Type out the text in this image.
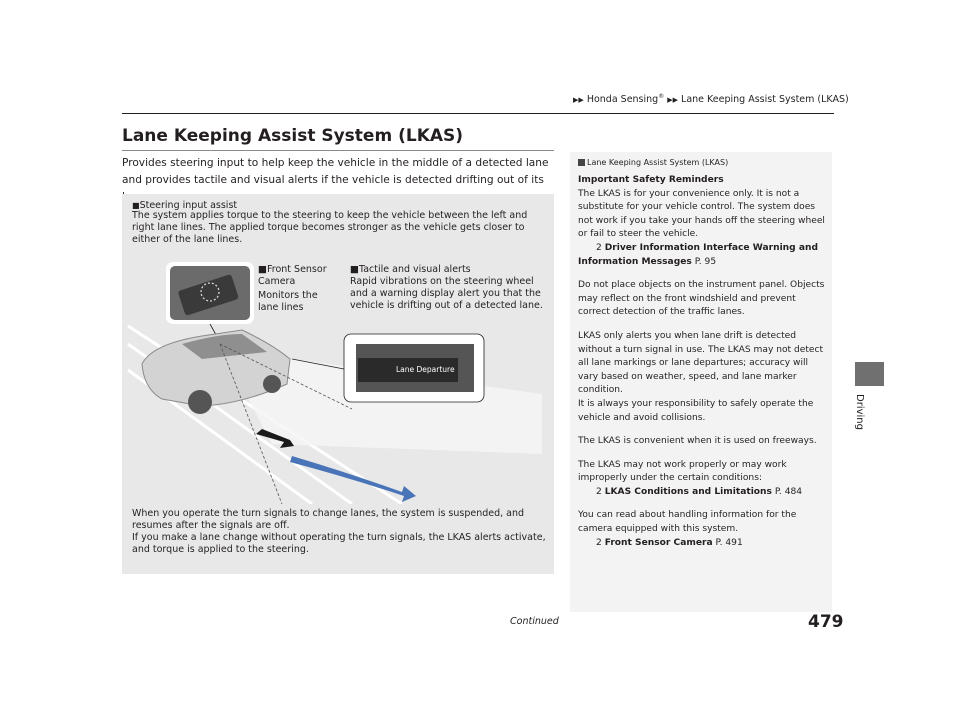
▶▶ Honda Sensing® ▶▶ Lane Keeping Assist System (LKAS)
Lane Keeping Assist System (LKAS)

Provides steering input to help keep the vehicle in the middle of a detected lane and provides tactile and visual alerts if the vehicle is detected drifting out of its

■Steering input assist
The system applies torque to the steering to keep the vehicle between the left and right lane lines. The applied torque becomes stronger as the vehicle gets closer to either of the lane lines.
Lane Departure
■Front Sensor Camera
Monitors the lane lines
■Tactile and visual alerts
Rapid vibrations on the steering wheel and a warning display alert you that the vehicle is drifting out of a detected lane.
When you operate the turn signals to change lanes, the system is suspended, and resumes after the signals are off.
If you make a lane change without operating the turn signals, the LKAS alerts activate, and torque is applied to the steering.
Lane Keeping Assist System (LKAS)

Important Safety Reminders
The LKAS is for your convenience only. It is not a substitute for your vehicle control. The system does not work if you take your hands off the steering wheel or fail to steer the vehicle.
2 Driver Information Interface Warning and Information Messages P. 95

Do not place objects on the instrument panel. Objects may reflect on the front windshield and prevent correct detection of the traffic lanes.

LKAS only alerts you when lane drift is detected without a turn signal in use. The LKAS may not detect all lane markings or lane departures; accuracy will vary based on weather, speed, and lane marker condition.
It is always your responsibility to safely operate the vehicle and avoid collisions.

The LKAS is convenient when it is used on freeways.

The LKAS may not work properly or may work improperly under the certain conditions:
2 LKAS Conditions and Limitations P. 484

You can read about handling information for the camera equipped with this system.
2 Front Sensor Camera P. 491

Driving
Continued	479
